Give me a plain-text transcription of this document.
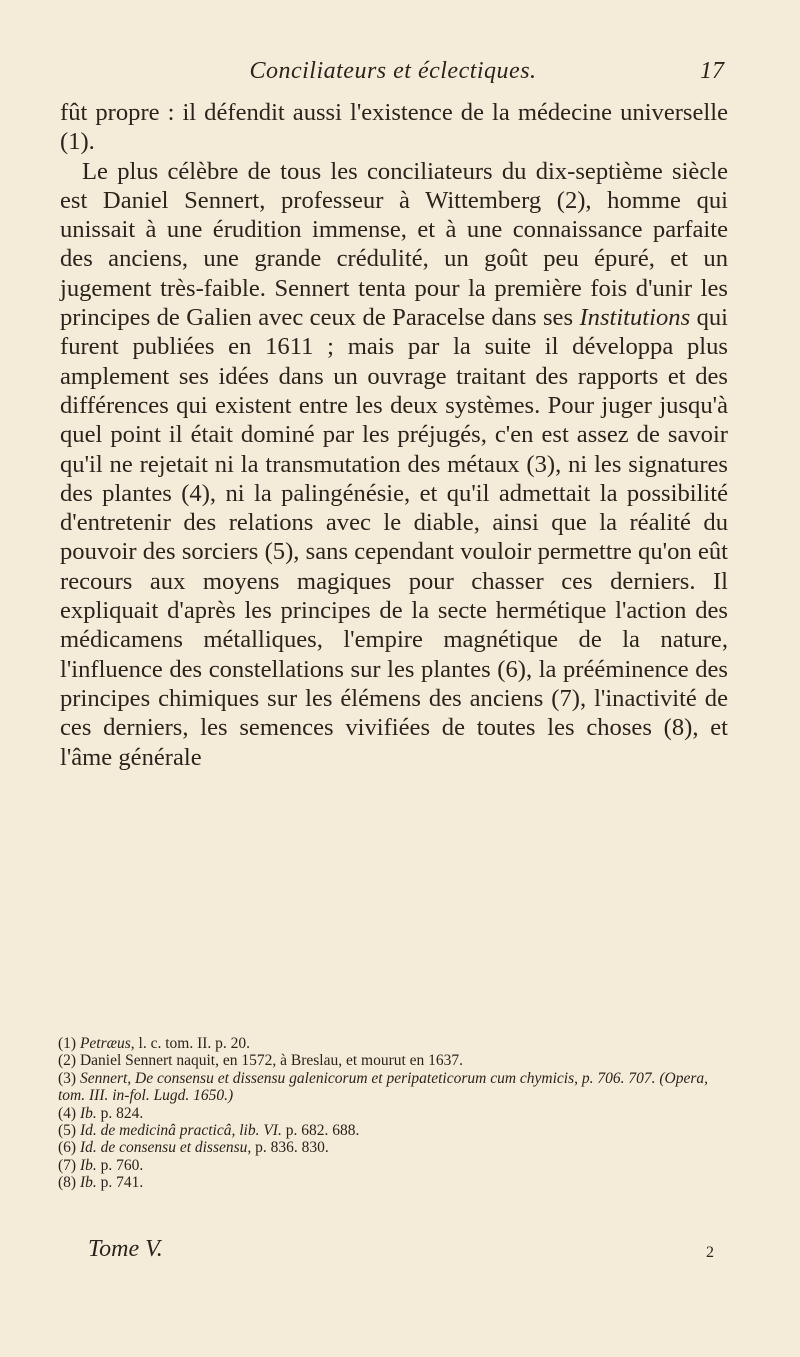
Conciliateurs et éclectiques.	17

fût propre : il défendit aussi l'existence de la médecine universelle (1).

Le plus célèbre de tous les conciliateurs du dix-septième siècle est Daniel Sennert, professeur à Wittemberg (2), homme qui unissait à une érudition immense, et à une connaissance parfaite des anciens, une grande crédulité, un goût peu épuré, et un jugement très-faible. Sennert tenta pour la première fois d'unir les principes de Galien avec ceux de Paracelse dans ses Institutions qui furent publiées en 1611 ; mais par la suite il développa plus amplement ses idées dans un ouvrage traitant des rapports et des différences qui existent entre les deux systèmes. Pour juger jusqu'à quel point il était dominé par les préjugés, c'en est assez de savoir qu'il ne rejetait ni la transmutation des métaux (3), ni les signatures des plantes (4), ni la palingénésie, et qu'il admettait la possibilité d'entretenir des relations avec le diable, ainsi que la réalité du pouvoir des sorciers (5), sans cependant vouloir permettre qu'on eût recours aux moyens magiques pour chasser ces derniers. Il expliquait d'après les principes de la secte hermétique l'action des médicamens métalliques, l'empire magnétique de la nature, l'influence des constellations sur les plantes (6), la prééminence des principes chimiques sur les élémens des anciens (7), l'inactivité de ces derniers, les semences vivifiées de toutes les choses (8), et l'âme générale

(1) Petræus, l. c. tom. II. p. 20.

(2) Daniel Sennert naquit, en 1572, à Breslau, et mourut en 1637.

(3) Sennert, De consensu et dissensu galenicorum et peripateticorum cum chymicis, p. 706. 707. (Opera, tom. III. in-fol. Lugd. 1650.)

(4) Ib. p. 824.

(5) Id. de medicinâ practicâ, lib. VI. p. 682. 688.

(6) Id. de consensu et dissensu, p. 836. 830.

(7) Ib. p. 760.

(8) Ib. p. 741.

Tome V.	2
